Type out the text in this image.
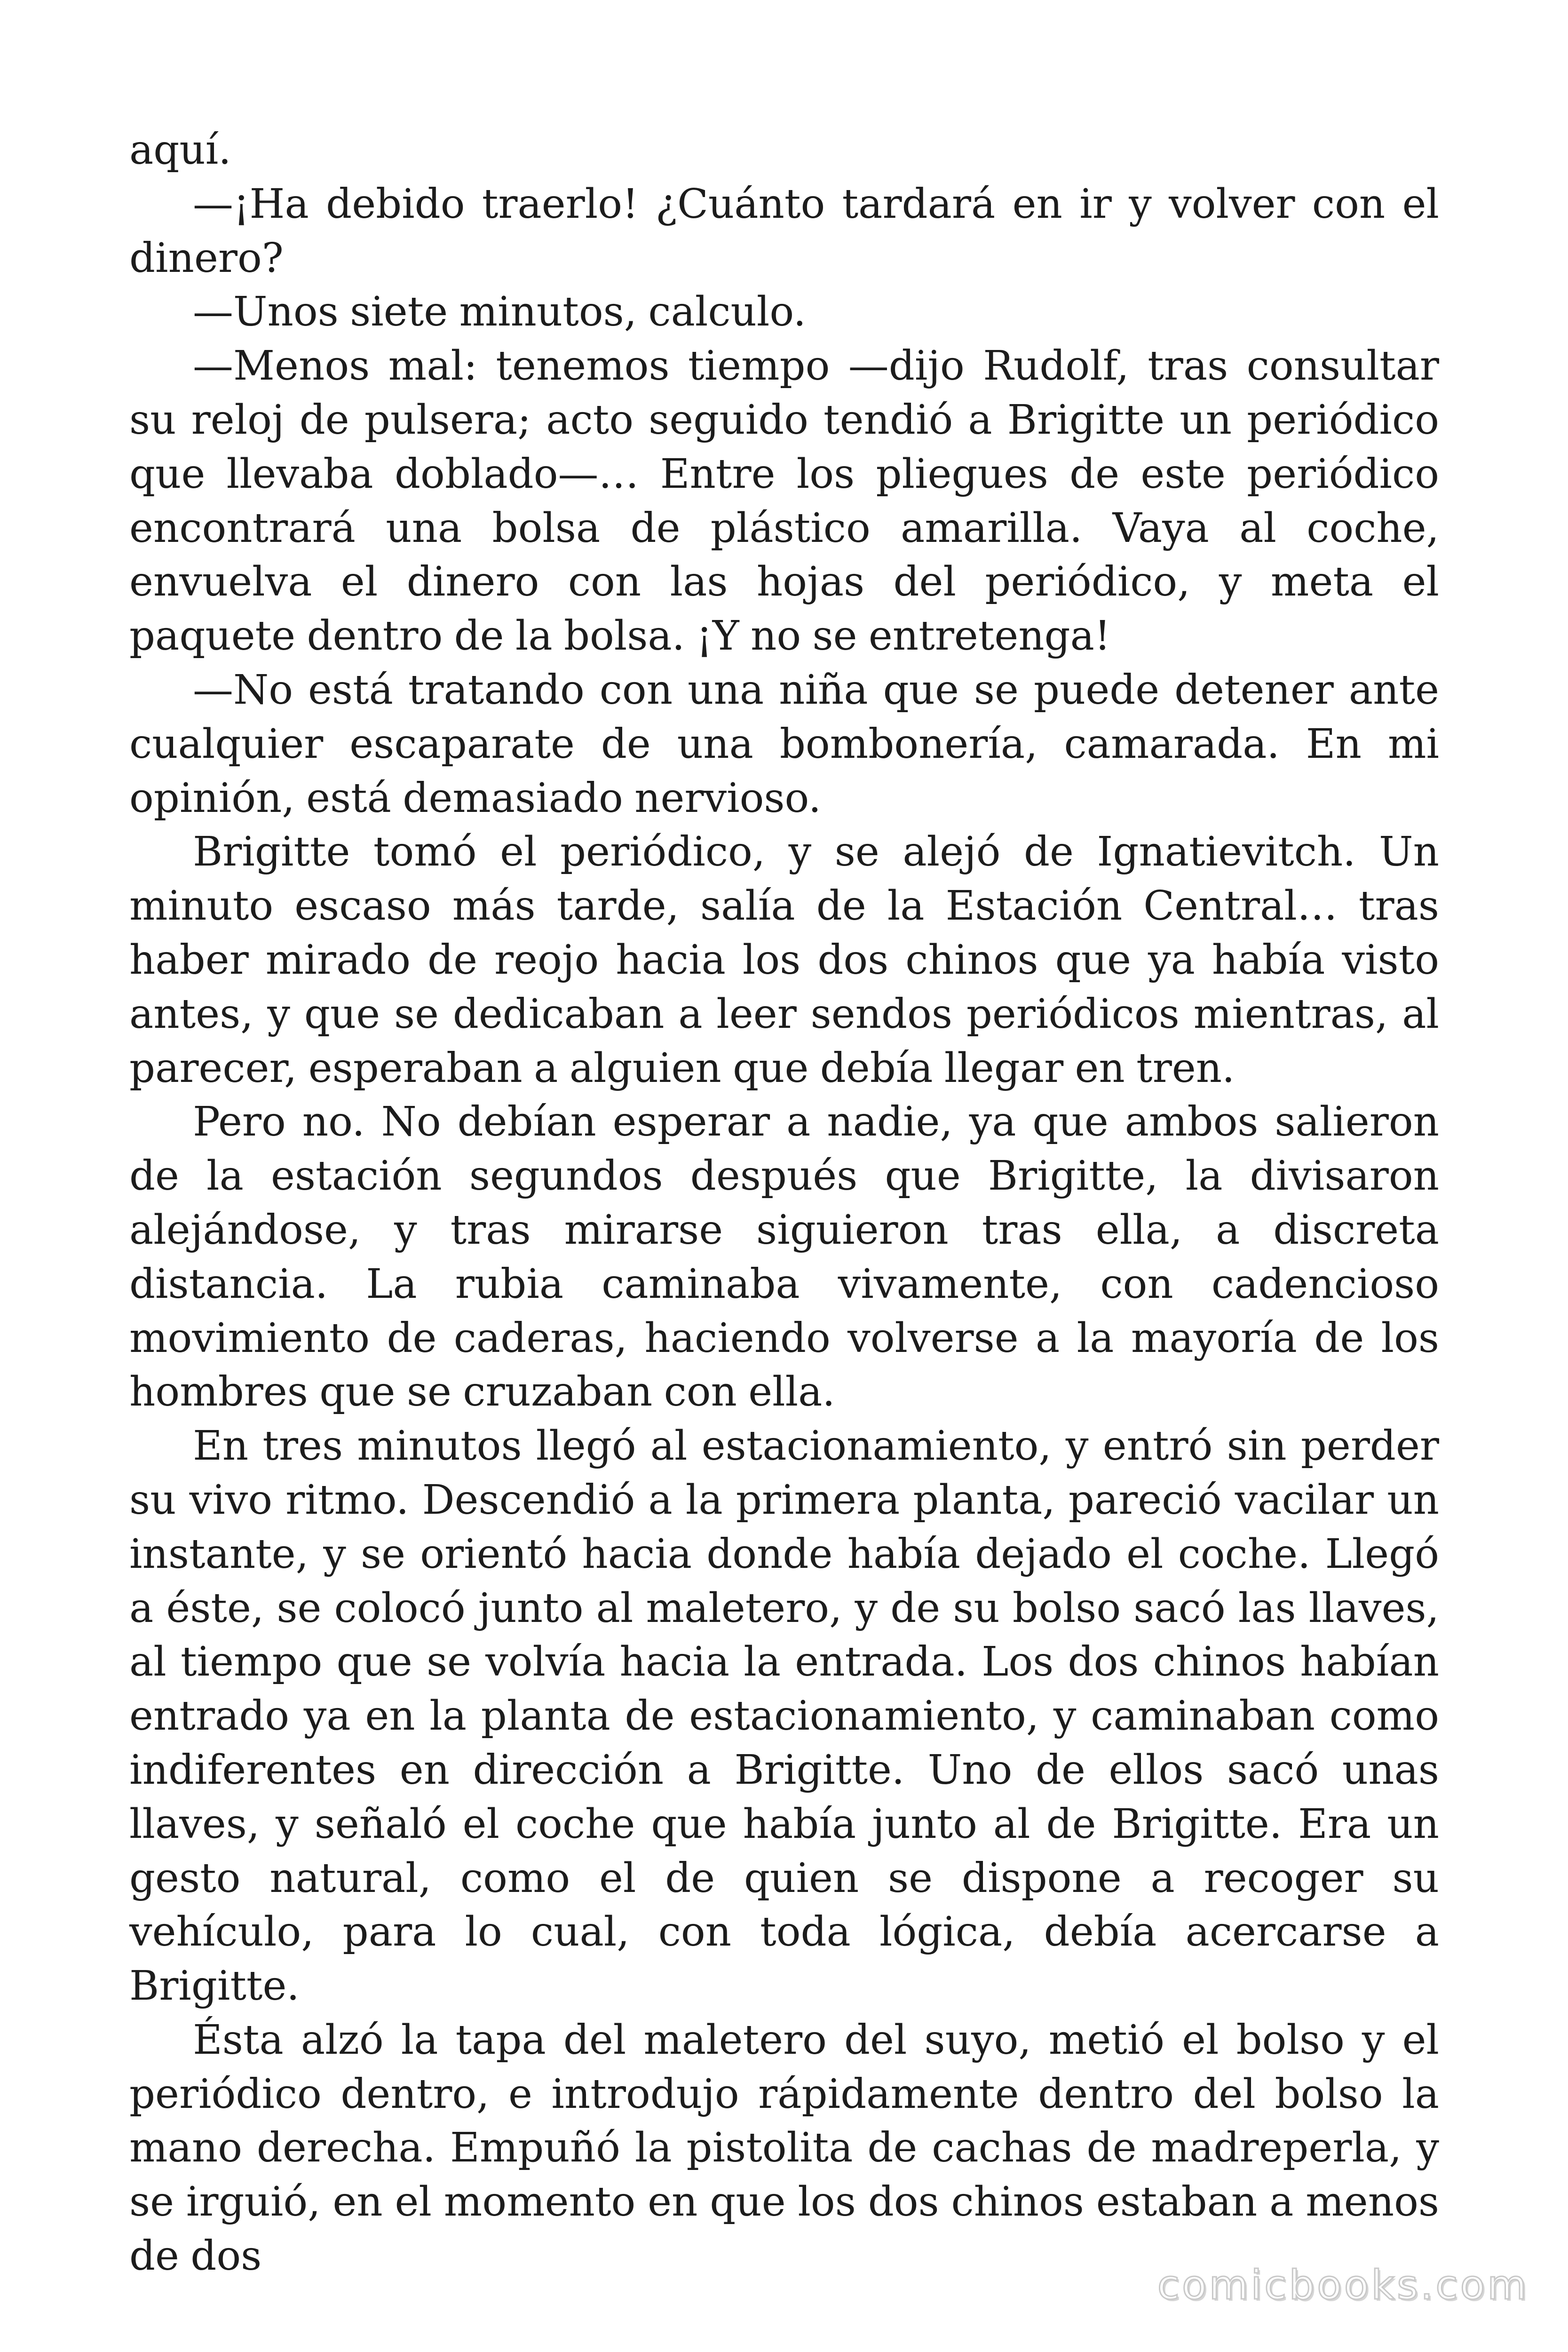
aquí.

—¡Ha debido traerlo! ¿Cuánto tardará en ir y volver con el dinero?

—Unos siete minutos, calculo.

—Menos mal: tenemos tiempo —dijo Rudolf, tras consultar su reloj de pulsera; acto seguido tendió a Brigitte un periódico que llevaba doblado—… Entre los pliegues de este periódico encontrará una bolsa de plástico amarilla. Vaya al coche, envuelva el dinero con las hojas del periódico, y meta el paquete dentro de la bolsa. ¡Y no se entretenga!

—No está tratando con una niña que se puede detener ante cualquier escaparate de una bombonería, camarada. En mi opinión, está demasiado nervioso.

Brigitte tomó el periódico, y se alejó de Ignatievitch. Un minuto escaso más tarde, salía de la Estación Central… tras haber mirado de reojo hacia los dos chinos que ya había visto antes, y que se dedicaban a leer sendos periódicos mientras, al parecer, esperaban a alguien que debía llegar en tren.

Pero no. No debían esperar a nadie, ya que ambos salieron de la estación segundos después que Brigitte, la divisaron alejándose, y tras mirarse siguieron tras ella, a discreta distancia. La rubia caminaba vivamente, con cadencioso movimiento de caderas, haciendo volverse a la mayoría de los hombres que se cruzaban con ella.

En tres minutos llegó al estacionamiento, y entró sin perder su vivo ritmo. Descendió a la primera planta, pareció vacilar un instante, y se orientó hacia donde había dejado el coche. Llegó a éste, se colocó junto al maletero, y de su bolso sacó las llaves, al tiempo que se volvía hacia la entrada. Los dos chinos habían entrado ya en la planta de estacionamiento, y caminaban como indiferentes en dirección a Brigitte. Uno de ellos sacó unas llaves, y señaló el coche que había junto al de Brigitte. Era un gesto natural, como el de quien se dispone a recoger su vehículo, para lo cual, con toda lógica, debía acercarse a Brigitte.

Ésta alzó la tapa del maletero del suyo, metió el bolso y el periódico dentro, e introdujo rápidamente dentro del bolso la mano derecha. Empuñó la pistolita de cachas de madreperla, y se irguió, en el momento en que los dos chinos estaban a menos de dos

comicbooks.com
